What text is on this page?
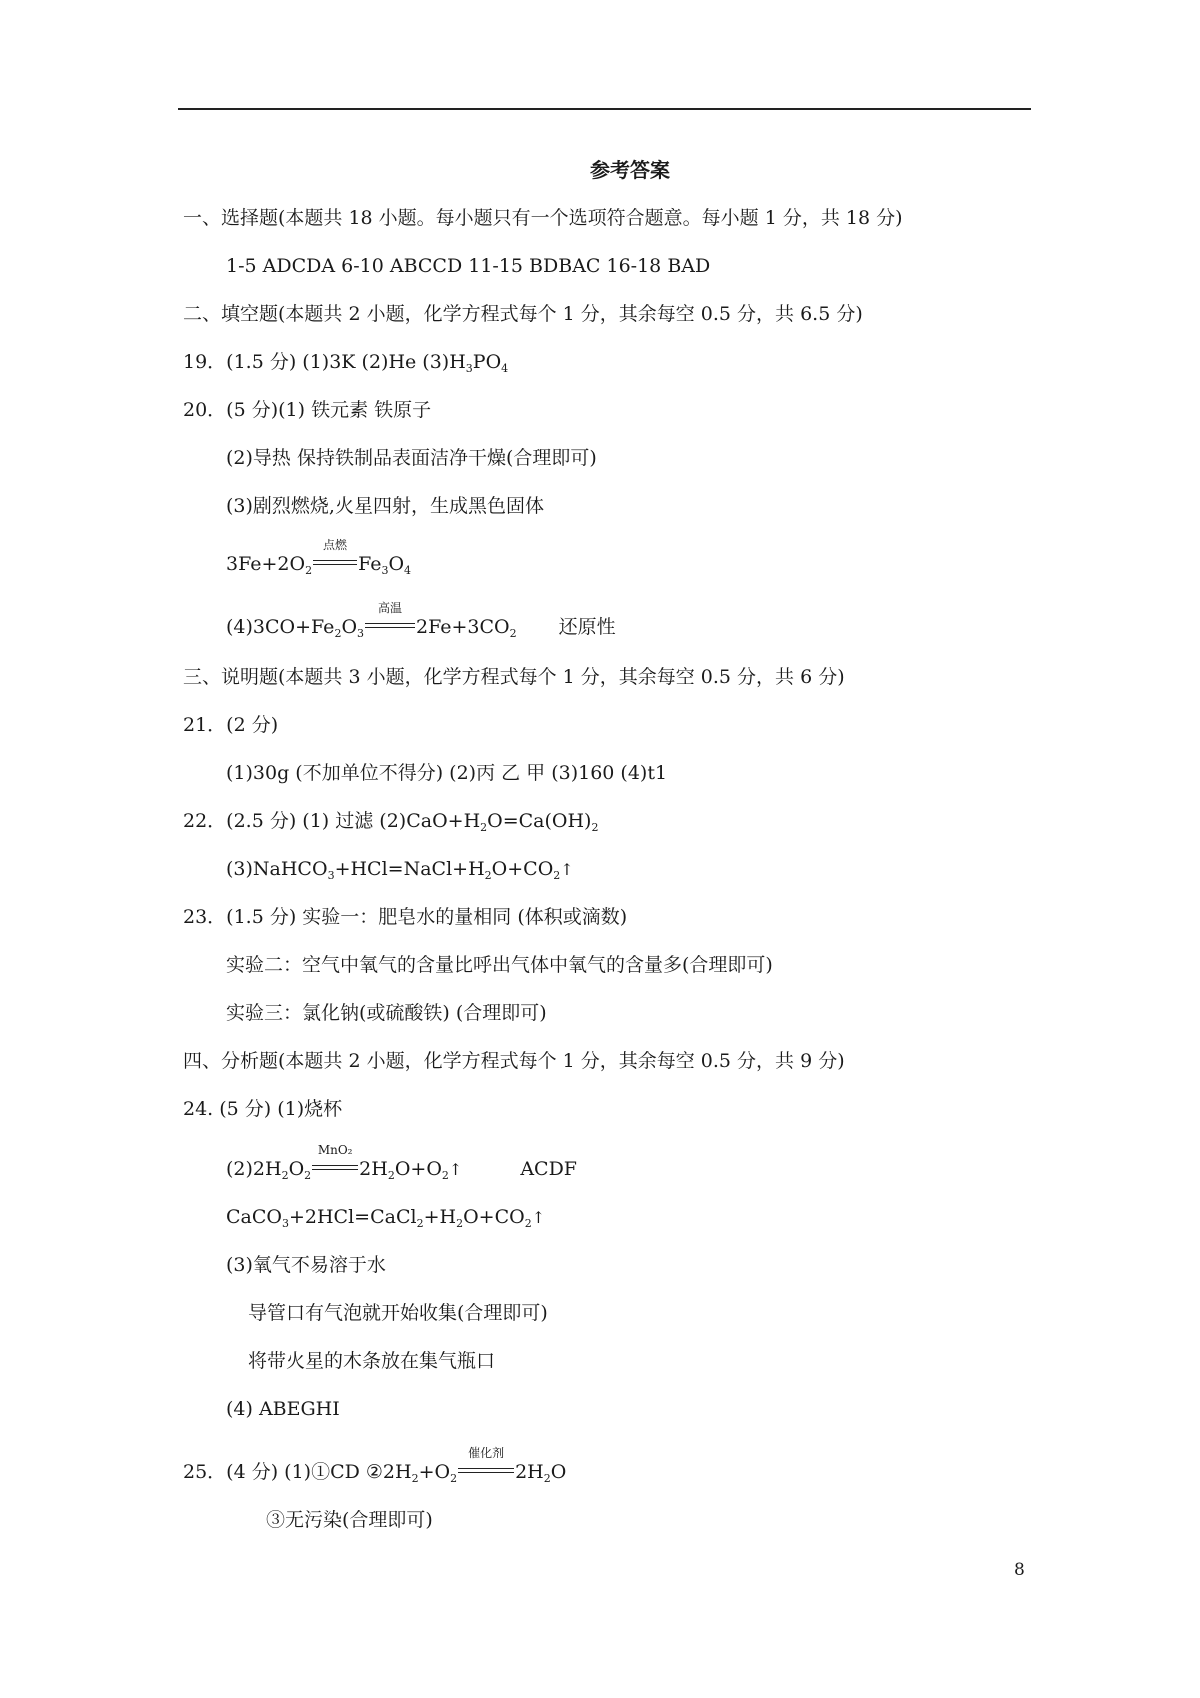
参考答案
一、选择题(本题共 18 小题。每小题只有一个选项符合题意。每小题 1 分，共 18 分)
1-5 ADCDA 6-10 ABCCD 11-15 BDBAC 16-18 BAD
二、填空题(本题共 2 小题，化学方程式每个 1 分，其余每空 0.5 分，共 6.5 分)
19．(1.5 分) (1)3K (2)He $(3)H_3PO_4$
20．(5 分)(1) 铁元素 铁原子
(2)导热 保持铁制品表面洁净干燥(合理即可)
(3)剧烈燃烧,火星四射，生成黑色固体
$3Fe+2O_2$
点燃
$Fe_3O_4$
$(4)3CO+Fe_2O_3$
高温
$2Fe+3CO_2$ 还原性
三、说明题(本题共 3 小题，化学方程式每个 1 分，其余每空 0.5 分，共 6 分)
21．(2 分)
(1)30g (不加单位不得分) (2)丙 乙 甲 (3)160 (4)t1
22．(2.5 分) (1) 过滤 $(2)CaO+H_2O=Ca(OH)_2$
$(3)NaHCO_3+HCl=NaCl+H_2O+CO_2↑$
23．(1.5 分) 实验一：肥皂水的量相同 (体积或滴数)
实验二：空气中氧气的含量比呼出气体中氧气的含量多(合理即可)
实验三：氯化钠(或硫酸铁) (合理即可)
四、分析题(本题共 2 小题，化学方程式每个 1 分，其余每空 0.5 分，共 9 分)
24. (5 分) (1)烧杯
$(2)2H_2O_2$
MnO₂
$2H_2O+O_2↑$	ACDF
$CaCO_3+2HCl=CaCl_2+H_2O+CO_2↑$
(3)氧气不易溶于水
导管口有气泡就开始收集(合理即可)
将带火星的木条放在集气瓶口
(4) ABEGHI
25．(4 分) (1)①CD $②2H_2+O_2$
催化剂
$2H_2O$
③无污染(合理即可)
8
